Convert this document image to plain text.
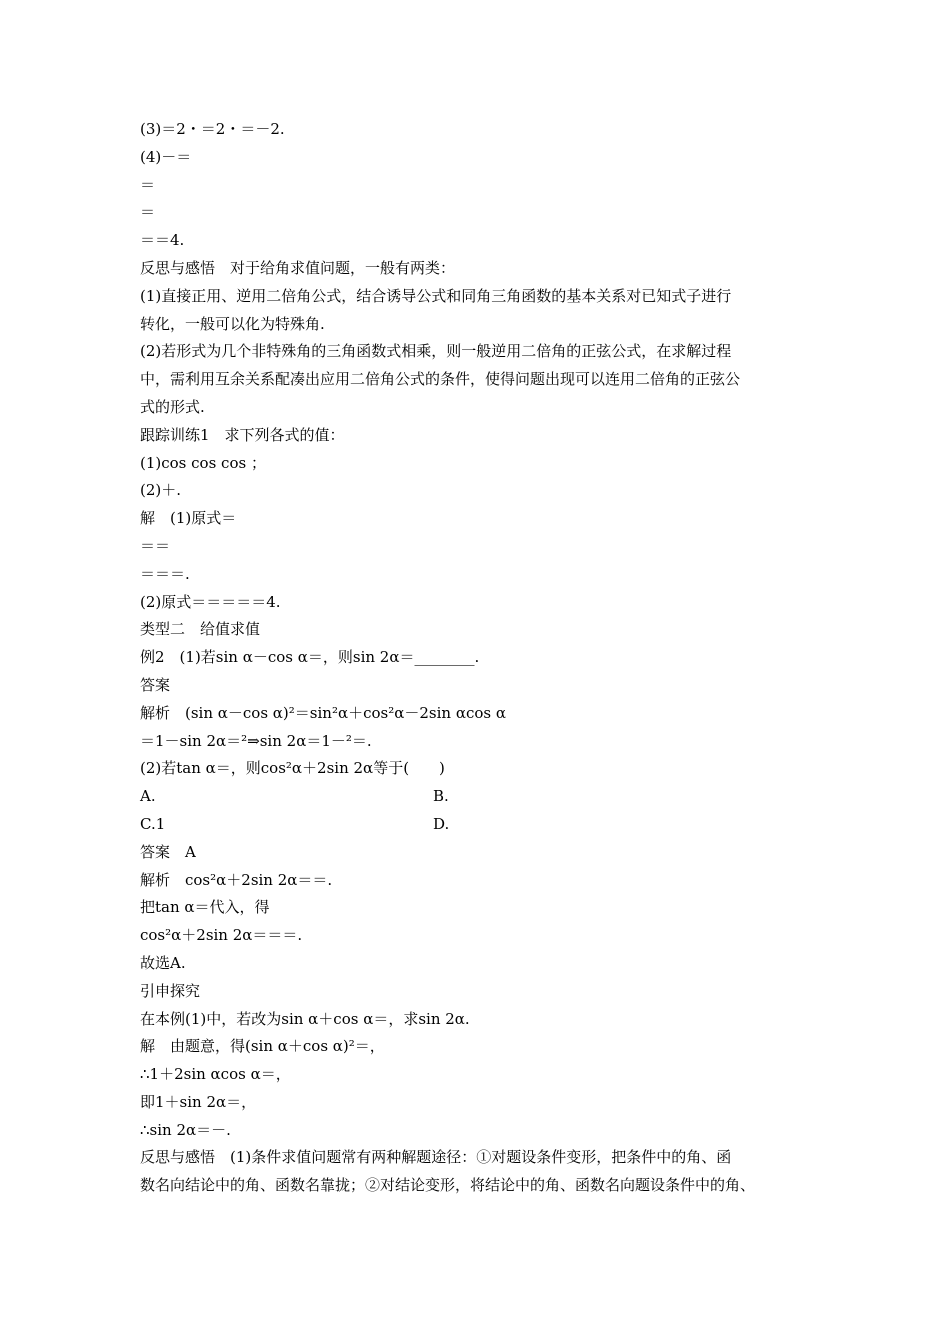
(3)＝2・＝2・＝－2.
(4)－＝
＝
＝
＝＝4.
反思与感悟　对于给角求值问题，一般有两类：
(1)直接正用、逆用二倍角公式，结合诱导公式和同角三角函数的基本关系对已知式子进行
转化，一般可以化为特殊角.
(2)若形式为几个非特殊角的三角函数式相乘，则一般逆用二倍角的正弦公式，在求解过程
中，需利用互余关系配凑出应用二倍角公式的条件，使得问题出现可以连用二倍角的正弦公
式的形式.
跟踪训练1　求下列各式的值：
(1)cos cos cos ；
(2)＋.
解　(1)原式＝
＝＝
＝＝＝.
(2)原式＝＝＝＝＝4.
类型二　给值求值
例2　(1)若sin α－cos α＝，则sin 2α＝________.
答案
解析　(sin α－cos α)²＝sin²α＋cos²α－2sin αcos α
＝1－sin 2α＝²⇒sin 2α＝1－²＝.
(2)若tan α＝，则cos²α＋2sin 2α等于(　　)
A.	B.
C.1	D.
答案　A
解析　cos²α＋2sin 2α＝＝.
把tan α＝代入，得
cos²α＋2sin 2α＝＝＝.
故选A.
引申探究
在本例(1)中，若改为sin α＋cos α＝，求sin 2α.
解　由题意，得(sin α＋cos α)²＝，
∴1＋2sin αcos α＝，
即1＋sin 2α＝，
∴sin 2α＝－.
反思与感悟　(1)条件求值问题常有两种解题途径：①对题设条件变形，把条件中的角、函
数名向结论中的角、函数名靠拢；②对结论变形，将结论中的角、函数名向题设条件中的角、
